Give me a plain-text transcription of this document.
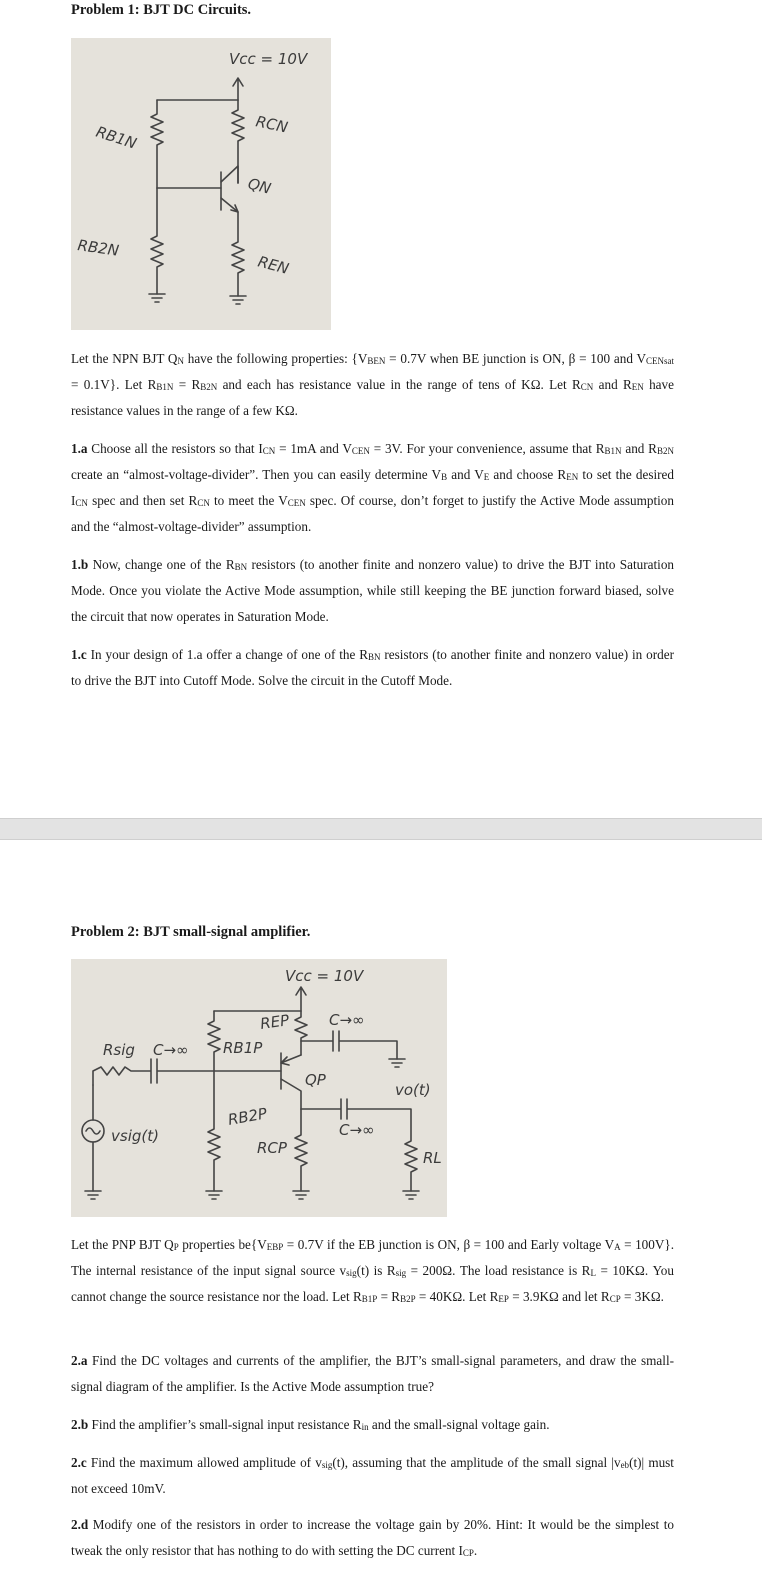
Problem 1: BJT DC Circuits.
Vcc = 10V
RB1N	RCN
QN
RB2N
REN

Let the NPN BJT $Q_N$ have the following properties: {$V_{BEN} = 0.7V$ when BE junction is ON, β = 100 and $V_{CENsat} = 0.1V$}. Let $R_{B1N} = R_{B2N}$ and each has resistance value in the range of tens of KΩ. Let $R_{CN}$ and $R_{EN}$ have resistance values in the range of a few KΩ.

1.a Choose all the resistors so that $I_{CN} = 1mA$ and $V_{CEN} = 3V$. For your convenience, assume that $R_{B1N}$ and $R_{B2N}$ create an “almost-voltage-divider”. Then you can easily determine $V_B$ and $V_E$ and choose $R_{EN}$ to set the desired $I_{CN}$ spec and then set $R_{CN}$ to meet the $V_{CEN}$ spec. Of course, don’t forget to justify the Active Mode assumption and the “almost-voltage-divider” assumption.

1.b Now, change one of the $R_{BN}$ resistors (to another finite and nonzero value) to drive the BJT into Saturation Mode. Once you violate the Active Mode assumption, while still keeping the BE junction forward biased, solve the circuit that now operates in Saturation Mode.

1.c In your design of 1.a offer a change of one of the $R_{BN}$ resistors (to another finite and nonzero value) in order to drive the BJT into Cutoff Mode. Solve the circuit in the Cutoff Mode.

Problem 2: BJT small-signal amplifier.
Vcc = 10V
REP	C→∞
RB1P
Rsig C→∞
vsig(t)
QP
RB2P
RCP
C→∞
vo(t)
RL

Let the PNP BJT $Q_P$ properties $be\{V_{EBP} = 0.7V$ if the EB junction is ON, β = 100 and Early voltage $V_A = 100V$}. The internal resistance of the input signal source $v_{sig}(t)$ is $R_{sig} = 200\Omega$. The load resistance is $R_L = 10K\Omega$. You cannot change the source resistance nor the load. Let $R_{B1P} = R_{B2P} = 40K\Omega$. Let $R_{EP} = 3.9K\Omega$ and let $R_{CP} = 3K\Omega$.

2.a Find the DC voltages and currents of the amplifier, the BJT’s small-signal parameters, and draw the small-signal diagram of the amplifier. Is the Active Mode assumption true?

2.b Find the amplifier’s small-signal input resistance $R_{in}$ and the small-signal voltage gain.

2.c Find the maximum allowed amplitude of $v_{sig}(t)$, assuming that the amplitude of the small signal $|v_{eb}(t)|$ must not exceed 10mV.

2.d Modify one of the resistors in order to increase the voltage gain by 20%. Hint: It would be the simplest to tweak the only resistor that has nothing to do with setting the DC current $I_{CP}$.
